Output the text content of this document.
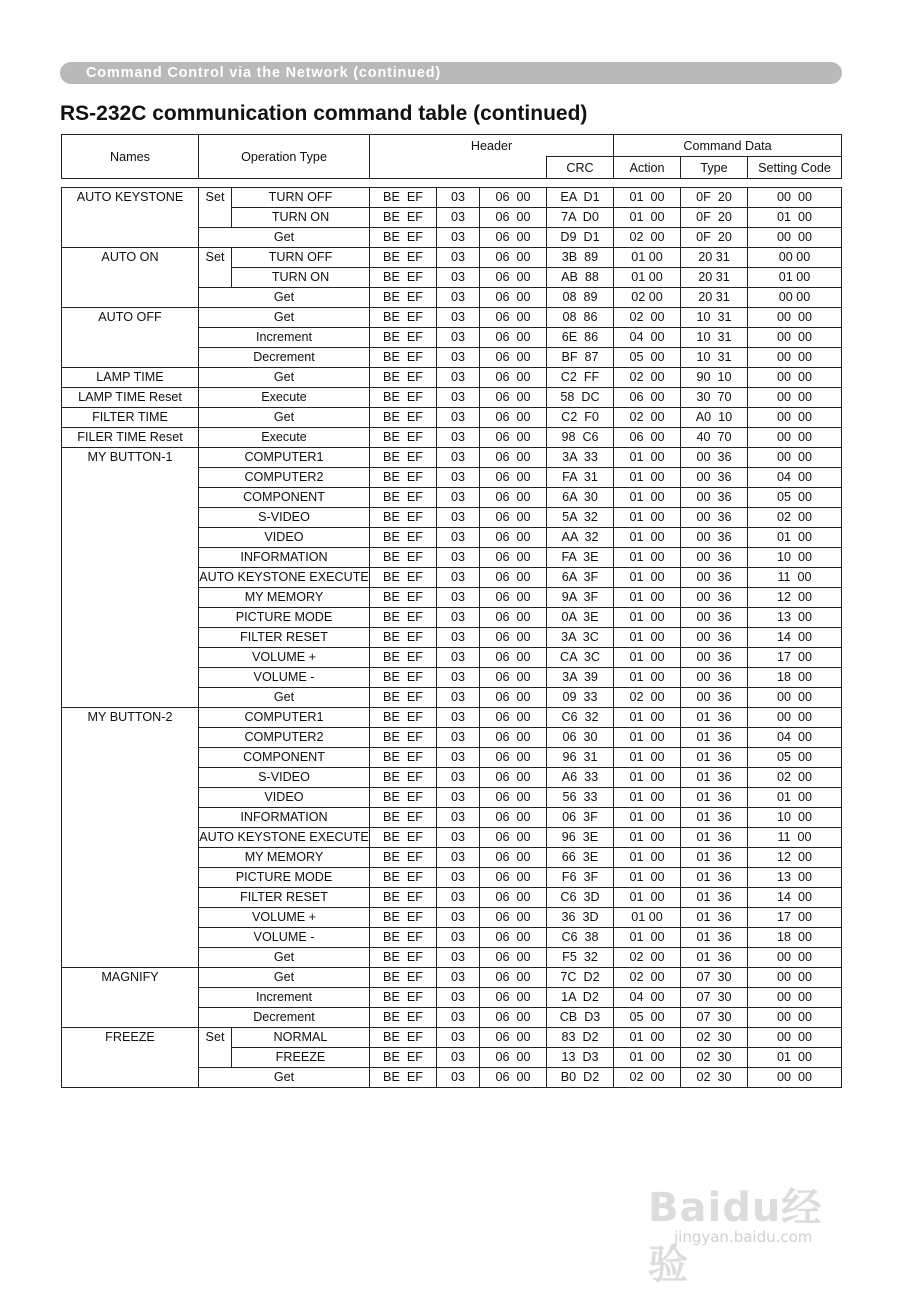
Command Control via the Network (continued)
RS-232C communication command table (continued)
Names	Operation Type	Header		Command Data		
			CRC	Action	Type	Setting Code
AUTO KEYSTONE	Set	TURN OFF	BE  EF	03	06  00	EA  D1	01  00	0F  20	00  00
		TURN ON	BE  EF	03	06  00	7A  D0	01  00	0F  20	01  00
	Get		BE  EF	03	06  00	D9  D1	02  00	0F  20	00  00
AUTO ON	Set	TURN OFF	BE  EF	03	06  00	3B  89	01 00	20 31	00 00
		TURN ON	BE  EF	03	06  00	AB  88	01 00	20 31	01 00
	Get		BE  EF	03	06  00	08  89	02 00	20 31	00 00
AUTO OFF	Get		BE  EF	03	06  00	08  86	02  00	10  31	00  00
	Increment		BE  EF	03	06  00	6E  86	04  00	10  31	00  00
	Decrement		BE  EF	03	06  00	BF  87	05  00	10  31	00  00
LAMP TIME	Get		BE  EF	03	06  00	C2  FF	02  00	90  10	00  00
LAMP TIME Reset	Execute		BE  EF	03	06  00	58  DC	06  00	30  70	00  00
FILTER TIME	Get		BE  EF	03	06  00	C2  F0	02  00	A0  10	00  00
FILER TIME Reset	Execute		BE  EF	03	06  00	98  C6	06  00	40  70	00  00
MY BUTTON-1	COMPUTER1		BE  EF	03	06  00	3A  33	01  00	00  36	00  00
	COMPUTER2		BE  EF	03	06  00	FA  31	01  00	00  36	04  00
	COMPONENT		BE  EF	03	06  00	6A  30	01  00	00  36	05  00
	S-VIDEO		BE  EF	03	06  00	5A  32	01  00	00  36	02  00
	VIDEO		BE  EF	03	06  00	AA  32	01  00	00  36	01  00
	INFORMATION		BE  EF	03	06  00	FA  3E	01  00	00  36	10  00
	AUTO KEYSTONE EXECUTE		BE  EF	03	06  00	6A  3F	01  00	00  36	11  00
	MY MEMORY		BE  EF	03	06  00	9A  3F	01  00	00  36	12  00
	PICTURE MODE		BE  EF	03	06  00	0A  3E	01  00	00  36	13  00
	FILTER RESET		BE  EF	03	06  00	3A  3C	01  00	00  36	14  00
	VOLUME +		BE  EF	03	06  00	CA  3C	01  00	00  36	17  00
	VOLUME -		BE  EF	03	06  00	3A  39	01  00	00  36	18  00
	Get		BE  EF	03	06  00	09  33	02  00	00  36	00  00
MY BUTTON-2	COMPUTER1		BE  EF	03	06  00	C6  32	01  00	01  36	00  00
	COMPUTER2		BE  EF	03	06  00	06  30	01  00	01  36	04  00
	COMPONENT		BE  EF	03	06  00	96  31	01  00	01  36	05  00
	S-VIDEO		BE  EF	03	06  00	A6  33	01  00	01  36	02  00
	VIDEO		BE  EF	03	06  00	56  33	01  00	01  36	01  00
	INFORMATION		BE  EF	03	06  00	06  3F	01  00	01  36	10  00
	AUTO KEYSTONE EXECUTE		BE  EF	03	06  00	96  3E	01  00	01  36	11  00
	MY MEMORY		BE  EF	03	06  00	66  3E	01  00	01  36	12  00
	PICTURE MODE		BE  EF	03	06  00	F6  3F	01  00	01  36	13  00
	FILTER RESET		BE  EF	03	06  00	C6  3D	01  00	01  36	14  00
	VOLUME +		BE  EF	03	06  00	36  3D	01 00	01  36	17  00
	VOLUME -		BE  EF	03	06  00	C6  38	01  00	01  36	18  00
	Get		BE  EF	03	06  00	F5  32	02  00	01  36	00  00
MAGNIFY	Get		BE  EF	03	06  00	7C  D2	02  00	07  30	00  00
	Increment		BE  EF	03	06  00	1A  D2	04  00	07  30	00  00
	Decrement		BE  EF	03	06  00	CB  D3	05  00	07  30	00  00
FREEZE	Set	NORMAL	BE  EF	03	06  00	83  D2	01  00	02  30	00  00
		FREEZE	BE  EF	03	06  00	13  D3	01  00	02  30	01  00
	Get		BE  EF	03	06  00	B0  D2	02  00	02  30	00  00
Baidu经验
jingyan.baidu.com
